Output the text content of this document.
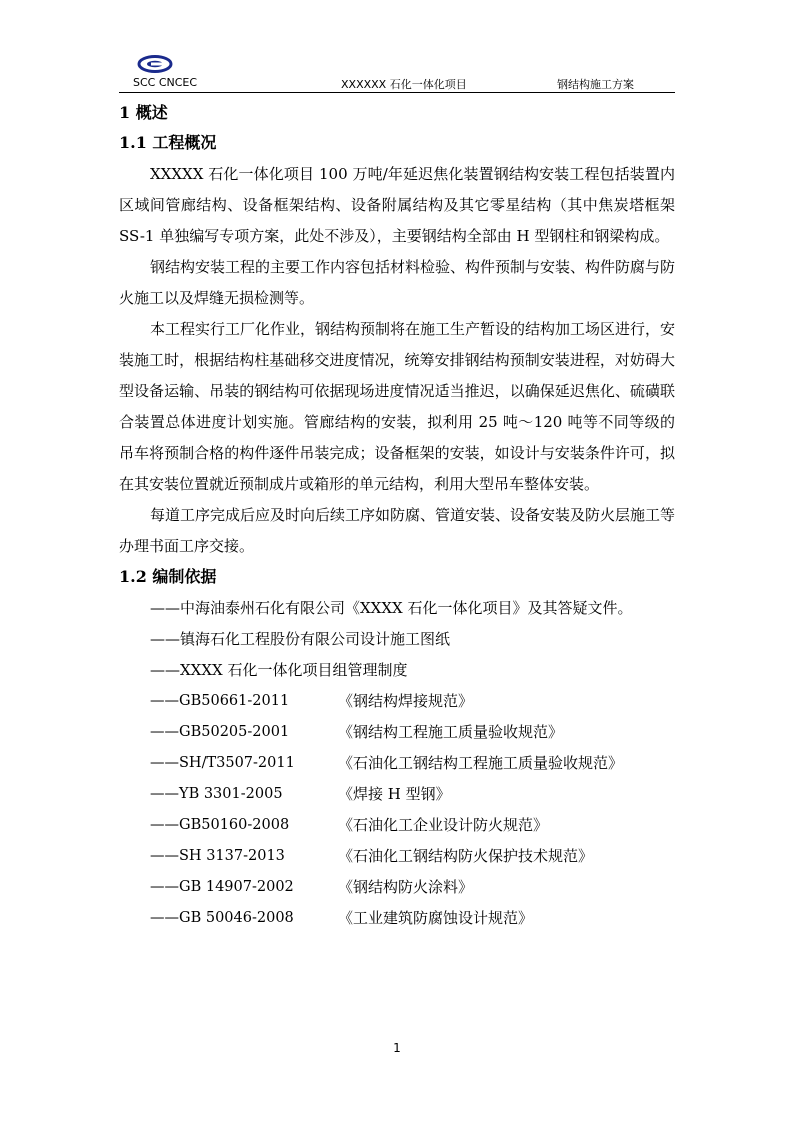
SCC CNCEC	XXXXXX 石化一体化项目	钢结构施工方案
1 概述
1.1 工程概况

XXXXX 石化一体化项目 100 万吨/年延迟焦化装置钢结构安装工程包括装置内区域间管廊结构、设备框架结构、设备附属结构及其它零星结构（其中焦炭塔框架 SS-1 单独编写专项方案，此处不涉及），主要钢结构全部由 H 型钢柱和钢梁构成。

钢结构安装工程的主要工作内容包括材料检验、构件预制与安装、构件防腐与防火施工以及焊缝无损检测等。

本工程实行工厂化作业，钢结构预制将在施工生产暂设的结构加工场区进行，安装施工时，根据结构柱基础移交进度情况，统筹安排钢结构预制安装进程，对妨碍大型设备运输、吊装的钢结构可依据现场进度情况适当推迟，以确保延迟焦化、硫磺联合装置总体进度计划实施。管廊结构的安装，拟利用 25 吨～120 吨等不同等级的吊车将预制合格的构件逐件吊装完成；设备框架的安装，如设计与安装条件许可，拟在其安装位置就近预制成片或箱形的单元结构，利用大型吊车整体安装。

每道工序完成后应及时向后续工序如防腐、管道安装、设备安装及防火层施工等办理书面工序交接。

1.2 编制依据
——中海油泰州石化有限公司《XXXX 石化一体化项目》及其答疑文件。
——镇海石化工程股份有限公司设计施工图纸
——XXXX 石化一体化项目组管理制度
——GB50661-2011	《钢结构焊接规范》
——GB50205-2001	《钢结构工程施工质量验收规范》
——SH/T3507-2011	《石油化工钢结构工程施工质量验收规范》
——YB 3301-2005	《焊接 H 型钢》
——GB50160-2008	《石油化工企业设计防火规范》
——SH 3137-2013	《石油化工钢结构防火保护技术规范》
——GB 14907-2002	《钢结构防火涂料》
——GB 50046-2008	《工业建筑防腐蚀设计规范》
1
